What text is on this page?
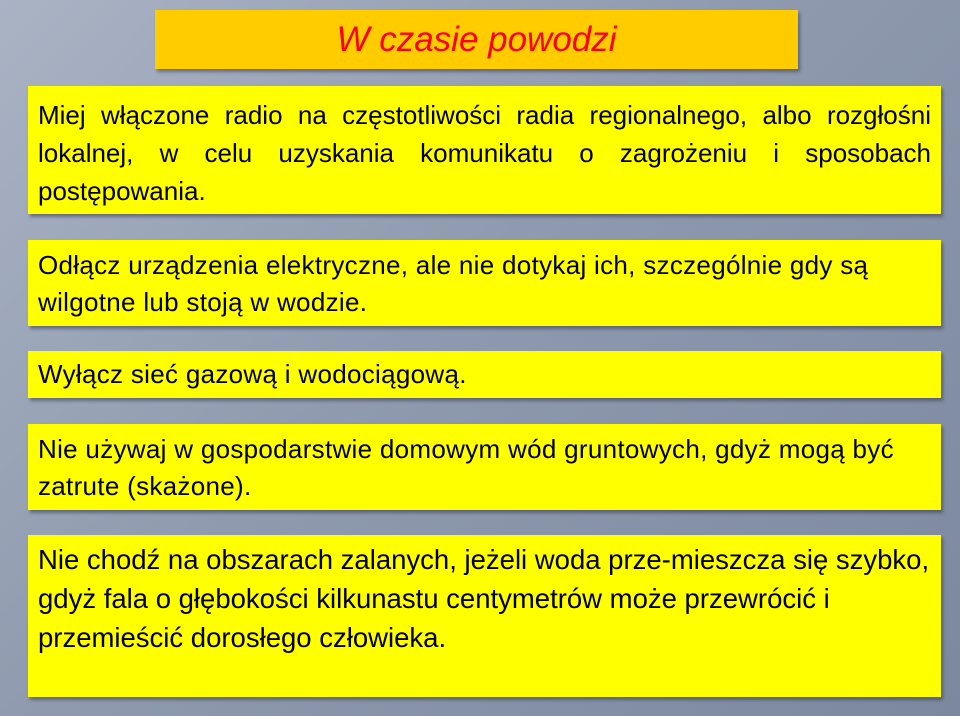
W czasie powodzi

Miej włączone radio na częstotliwości radia regionalnego, albo rozgłośni lokalnej, w celu uzyskania komunikatu o zagrożeniu i sposobach postępowania.

Odłącz urządzenia elektryczne, ale nie dotykaj ich, szczególnie gdy są wilgotne lub stoją w wodzie.

Wyłącz sieć gazową i wodociągową.

Nie używaj w gospodarstwie domowym wód gruntowych, gdyż mogą być zatrute (skażone).

Nie chodź na obszarach zalanych, jeżeli woda prze-mieszcza się szybko, gdyż fala o głębokości kilkunastu centymetrów może przewrócić i przemieścić dorosłego człowieka.
